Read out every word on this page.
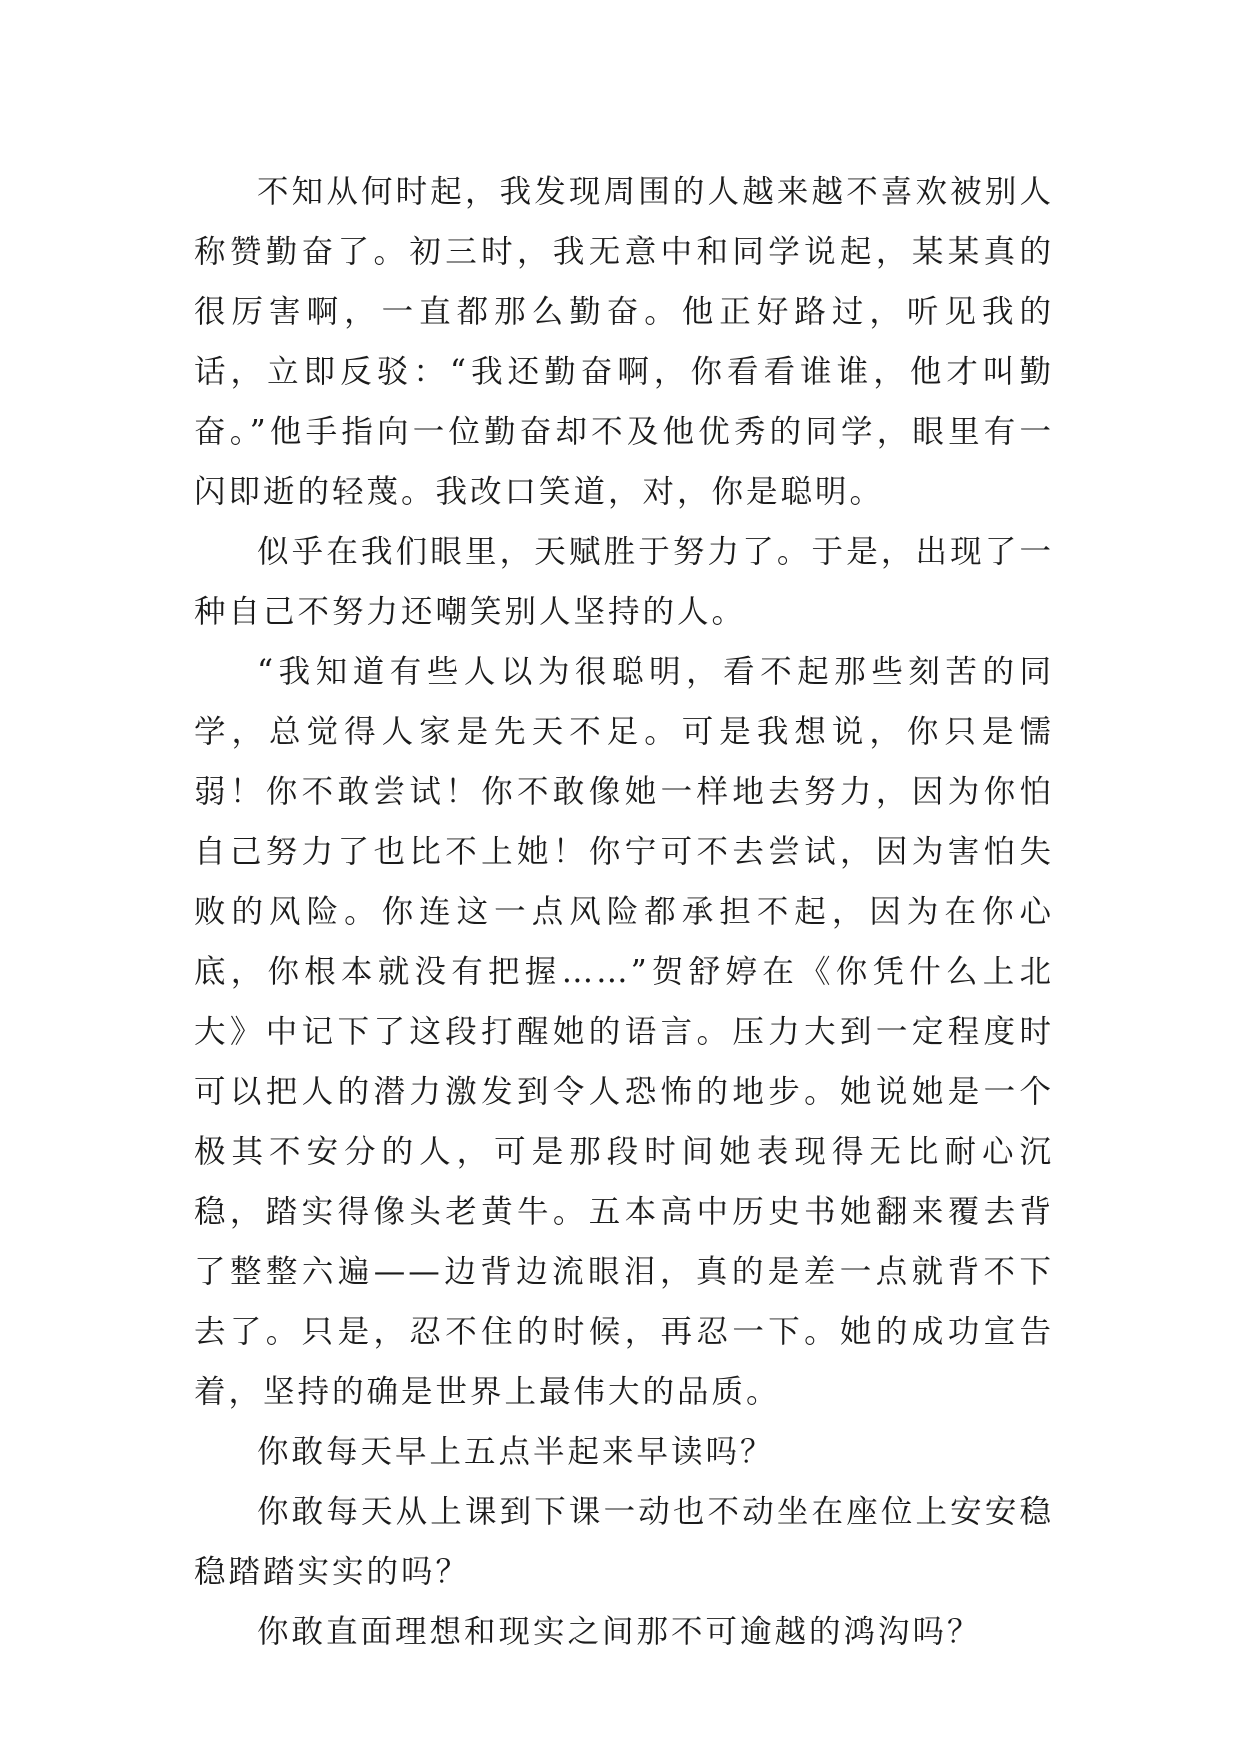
不知从何时起，我发现周围的人越来越不喜欢被别人称赞勤奋了。初三时，我无意中和同学说起，某某真的很厉害啊，一直都那么勤奋。他正好路过，听见我的话，立即反驳：“我还勤奋啊，你看看谁谁，他才叫勤奋。”他手指向一位勤奋却不及他优秀的同学，眼里有一闪即逝的轻蔑。我改口笑道，对，你是聪明。

似乎在我们眼里，天赋胜于努力了。于是，出现了一种自己不努力还嘲笑别人坚持的人。

“我知道有些人以为很聪明，看不起那些刻苦的同学，总觉得人家是先天不足。可是我想说，你只是懦弱！你不敢尝试！你不敢像她一样地去努力，因为你怕自己努力了也比不上她！你宁可不去尝试，因为害怕失败的风险。你连这一点风险都承担不起，因为在你心底，你根本就没有把握……”贺舒婷在《你凭什么上北大》中记下了这段打醒她的语言。压力大到一定程度时可以把人的潜力激发到令人恐怖的地步。她说她是一个极其不安分的人，可是那段时间她表现得无比耐心沉稳，踏实得像头老黄牛。五本高中历史书她翻来覆去背了整整六遍——边背边流眼泪，真的是差一点就背不下去了。只是，忍不住的时候，再忍一下。她的成功宣告着，坚持的确是世界上最伟大的品质。

你敢每天早上五点半起来早读吗？

你敢每天从上课到下课一动也不动坐在座位上安安稳稳踏踏实实的吗？

你敢直面理想和现实之间那不可逾越的鸿沟吗？
